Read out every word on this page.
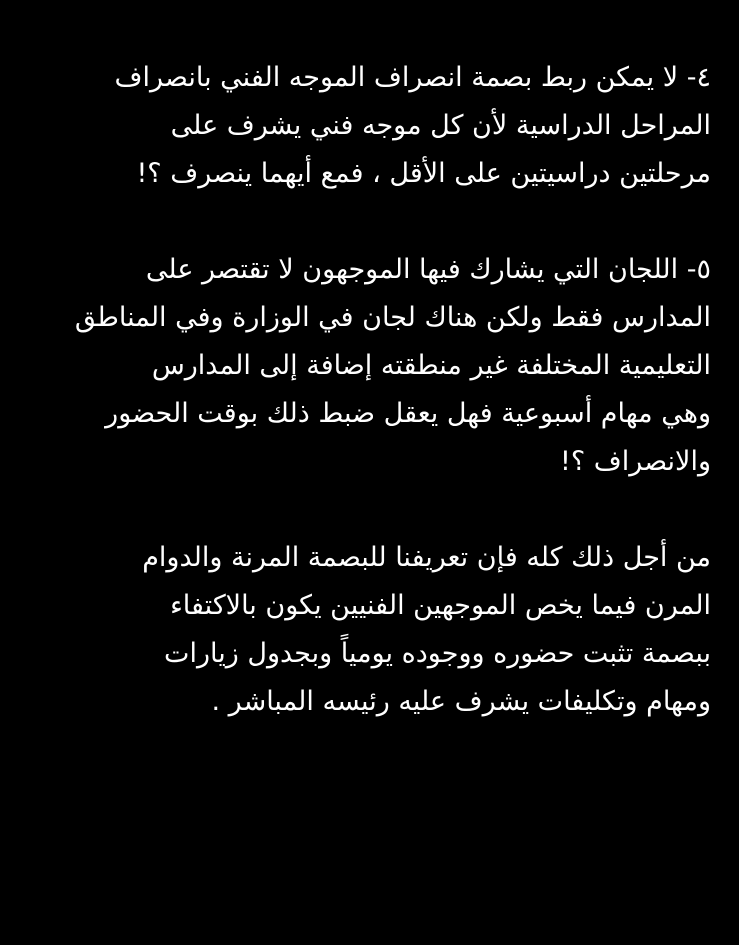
٤- لا يمكن ربط بصمة انصراف الموجه الفني بانصراف
المراحل الدراسية لأن كل موجه فني يشرف على
مرحلتين دراسيتين على الأقل ، فمع أيهما ينصرف ؟!

٥- اللجان التي يشارك فيها الموجهون لا تقتصر على
المدارس فقط ولكن هناك لجان في الوزارة وفي المناطق
التعليمية المختلفة غير منطقته إضافة إلى المدارس
وهي مهام أسبوعية فهل يعقل ضبط ذلك بوقت الحضور
والانصراف ؟!

من أجل ذلك كله فإن تعريفنا للبصمة المرنة والدوام
المرن فيما يخص الموجهين الفنيين يكون بالاكتفاء
ببصمة تثبت حضوره ووجوده يومياً وبجدول زيارات
ومهام وتكليفات يشرف عليه رئيسه المباشر .
